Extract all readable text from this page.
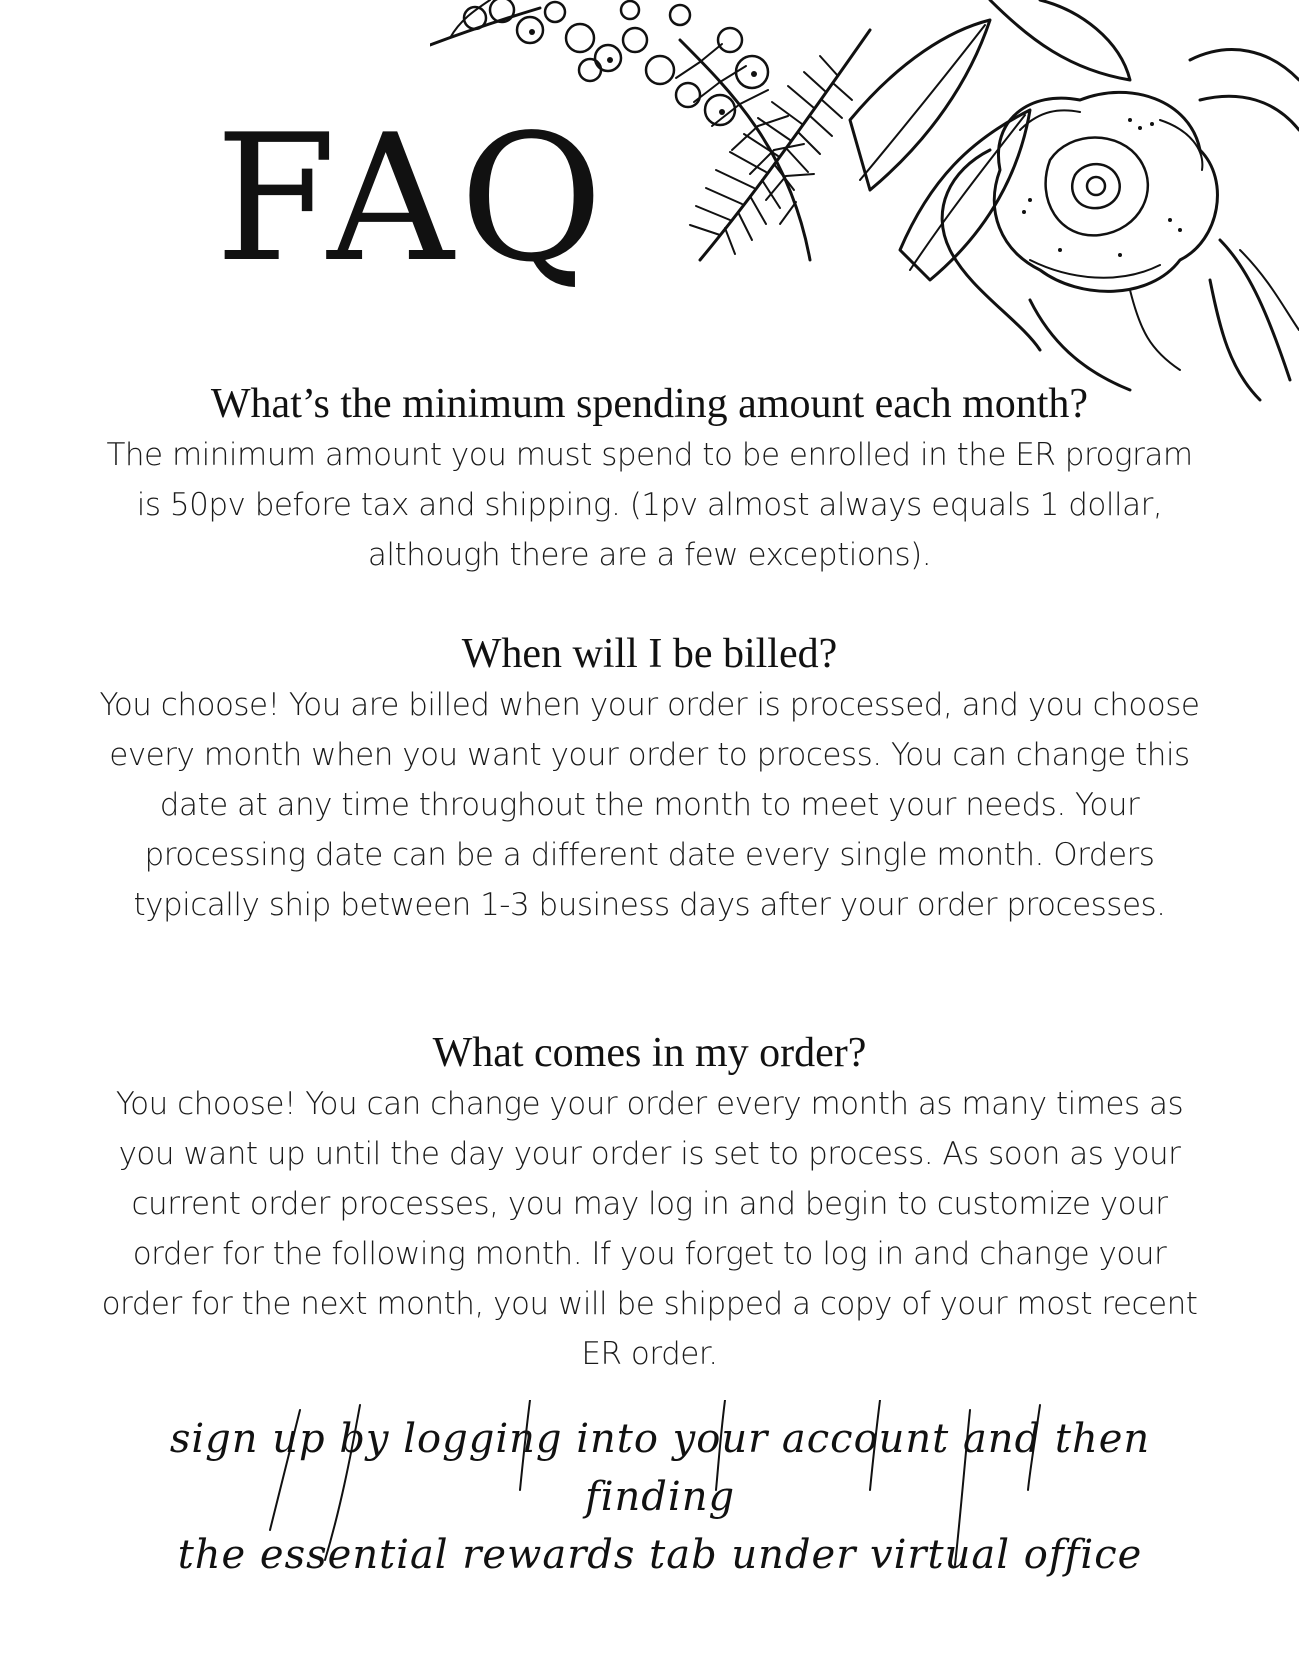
FAQ
What’s the minimum spending amount each month?

The minimum amount you must spend to be enrolled in the ER program is 50pv before tax and shipping. (1pv almost always equals 1 dollar, although there are a few exceptions).

When will I be billed?

You choose! You are billed when your order is processed, and you choose every month when you want your order to process. You can change this date at any time throughout the month to meet your needs. Your processing date can be a different date every single month. Orders typically ship between 1-3 business days after your order processes.

What comes in my order?

You choose! You can change your order every month as many times as you want up until the day your order is set to process. As soon as your current order processes, you may log in and begin to customize your order for the following month. If you forget to log in and change your order for the next month, you will be shipped a copy of your most recent ER order.

sign up by logging into your account and then finding
the essential rewards tab under virtual office
